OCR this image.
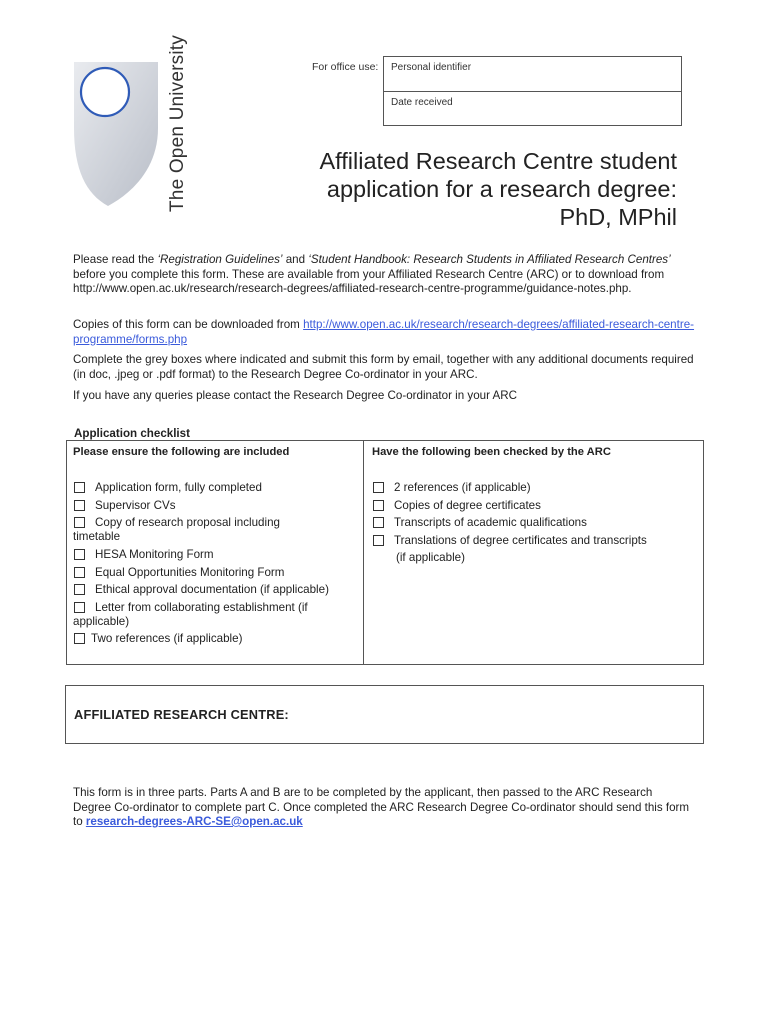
The Open University	For office use:	Personal identifier
Date received
Affiliated Research Centre student
application for a research degree:
PhD, MPhil
Please read the ‘Registration Guidelines’ and ‘Student Handbook: Research Students in Affiliated Research Centres’ before you complete this form. These are available from your Affiliated Research Centre (ARC) or to download from http://www.open.ac.uk/research/research-degrees/affiliated-research-centre-programme/guidance-notes.php.
Copies of this form can be downloaded from http://www.open.ac.uk/research/research-degrees/affiliated-research-centre-programme/forms.php
Complete the grey boxes where indicated and submit this form by email, together with any additional documents required (in doc, .jpeg or .pdf format) to the Research Degree Co-ordinator in your ARC.
If you have any queries please contact the Research Degree Co-ordinator in your ARC
Application checklist
Please ensure the following are included	Have the following been checked by the ARC
Application form, fully completed
Supervisor CVs
Copy of research proposal including
timetable
HESA Monitoring Form
Equal Opportunities Monitoring Form
Ethical approval documentation (if applicable)
Letter from collaborating establishment (if
applicable)
Two references (if applicable)
2 references (if applicable)
Copies of degree certificates
Transcripts of academic qualifications
Translations of degree certificates and transcripts
(if applicable)
AFFILIATED RESEARCH CENTRE:
This form is in three parts. Parts A and B are to be completed by the applicant, then passed to the ARC Research Degree Co-ordinator to complete part C. Once completed the ARC Research Degree Co-ordinator should send this form to research-degrees-ARC-SE@open.ac.uk
